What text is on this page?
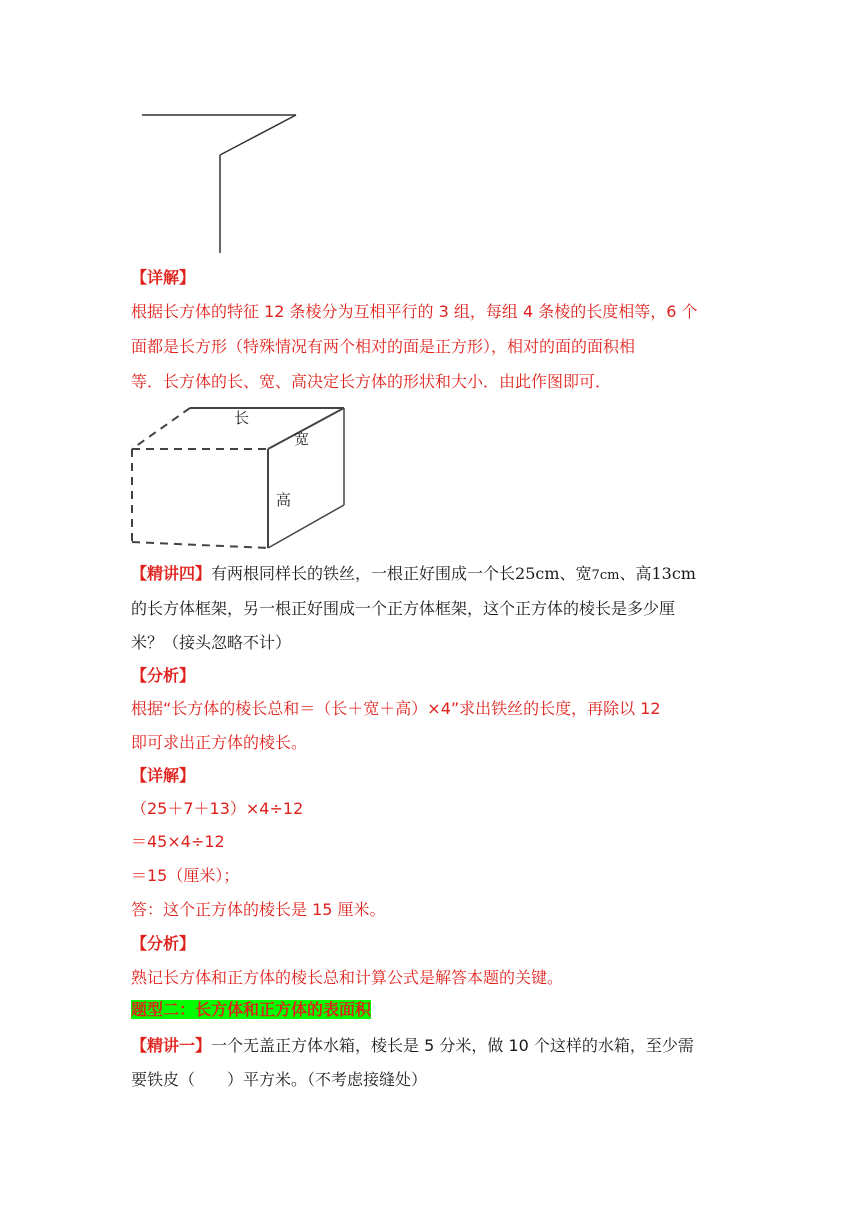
【详解】
根据长方体的特征 12 条棱分为互相平行的 3 组，每组 4 条棱的长度相等，6 个
面都是长方形（特殊情况有两个相对的面是正方形），相对的面的面积相
等．长方体的长、宽、高决定长方体的形状和大小．由此作图即可．
长
宽
高
【精讲四】有两根同样长的铁丝，一根正好围成一个长25cm、宽7cm、高13cm
的长方体框架，另一根正好围成一个正方体框架，这个正方体的棱长是多少厘
米？（接头忽略不计）
【分析】
根据“长方体的棱长总和＝（长＋宽＋高）×4”求出铁丝的长度，再除以 12
即可求出正方体的棱长。
【详解】
（25＋7＋13）×4÷12
＝45×4÷12
＝15（厘米）；
答：这个正方体的棱长是 15 厘米。
【分析】
熟记长方体和正方体的棱长总和计算公式是解答本题的关键。
题型二：长方体和正方体的表面积
【精讲一】一个无盖正方体水箱，棱长是 5 分米，做 10 个这样的水箱，至少需
要铁皮（　　）平方米。（不考虑接缝处）
